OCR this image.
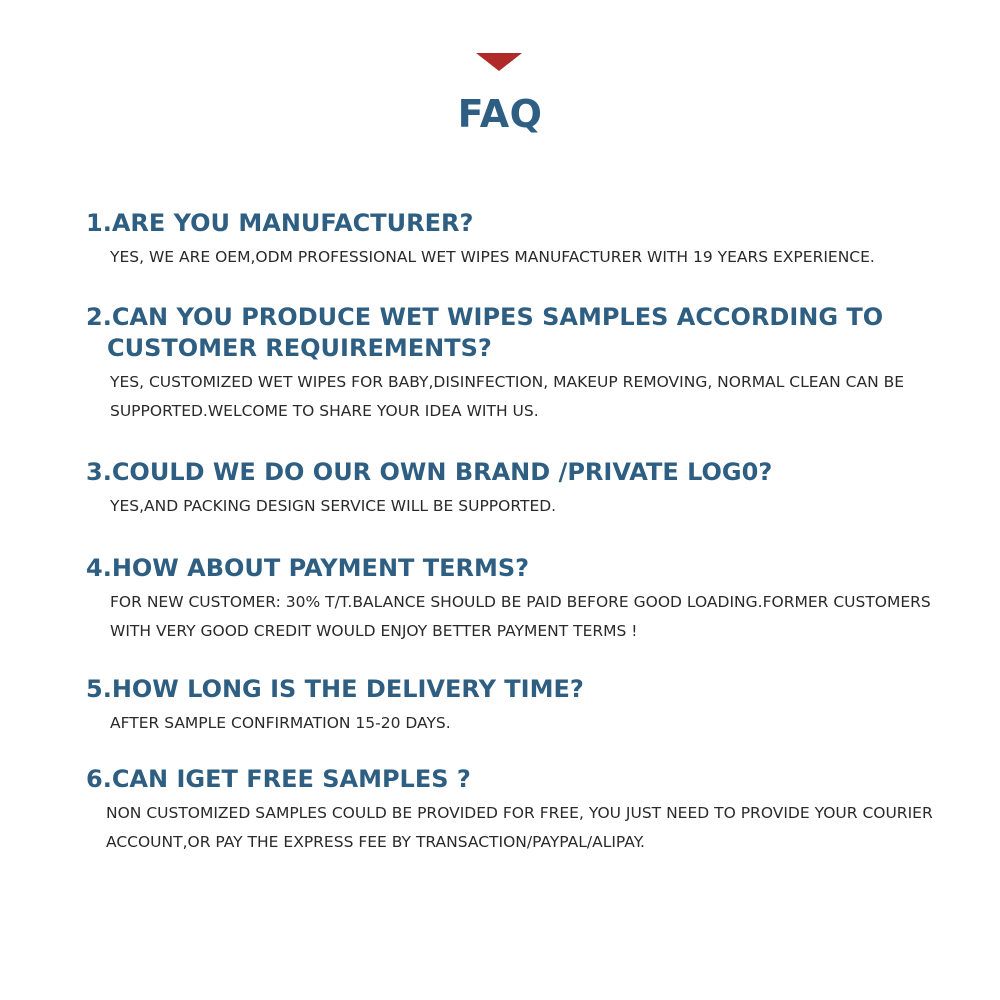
FAQ
1.ARE YOU MANUFACTURER?

YES, WE ARE OEM,ODM PROFESSIONAL WET WIPES MANUFACTURER WITH 19 YEARS EXPERIENCE.

2.CAN YOU PRODUCE WET WIPES SAMPLES ACCORDING TO
CUSTOMER REQUIREMENTS?

YES, CUSTOMIZED WET WIPES FOR BABY,DISINFECTION, MAKEUP REMOVING, NORMAL CLEAN CAN BE SUPPORTED.WELCOME TO SHARE YOUR IDEA WITH US.

3.COULD WE DO OUR OWN BRAND /PRIVATE LOG0?

YES,AND PACKING DESIGN SERVICE WILL BE SUPPORTED.

4.HOW ABOUT PAYMENT TERMS?

FOR NEW CUSTOMER: 30% T/T.BALANCE SHOULD BE PAID BEFORE GOOD LOADING.FORMER CUSTOMERS WITH VERY GOOD CREDIT WOULD ENJOY BETTER PAYMENT TERMS !

5.HOW LONG IS THE DELIVERY TIME?

AFTER SAMPLE CONFIRMATION 15-20 DAYS.

6.CAN IGET FREE SAMPLES ?

NON CUSTOMIZED SAMPLES COULD BE PROVIDED FOR FREE, YOU JUST NEED TO PROVIDE YOUR COURIER ACCOUNT,OR PAY THE EXPRESS FEE BY TRANSACTION/PAYPAL/ALIPAY.
